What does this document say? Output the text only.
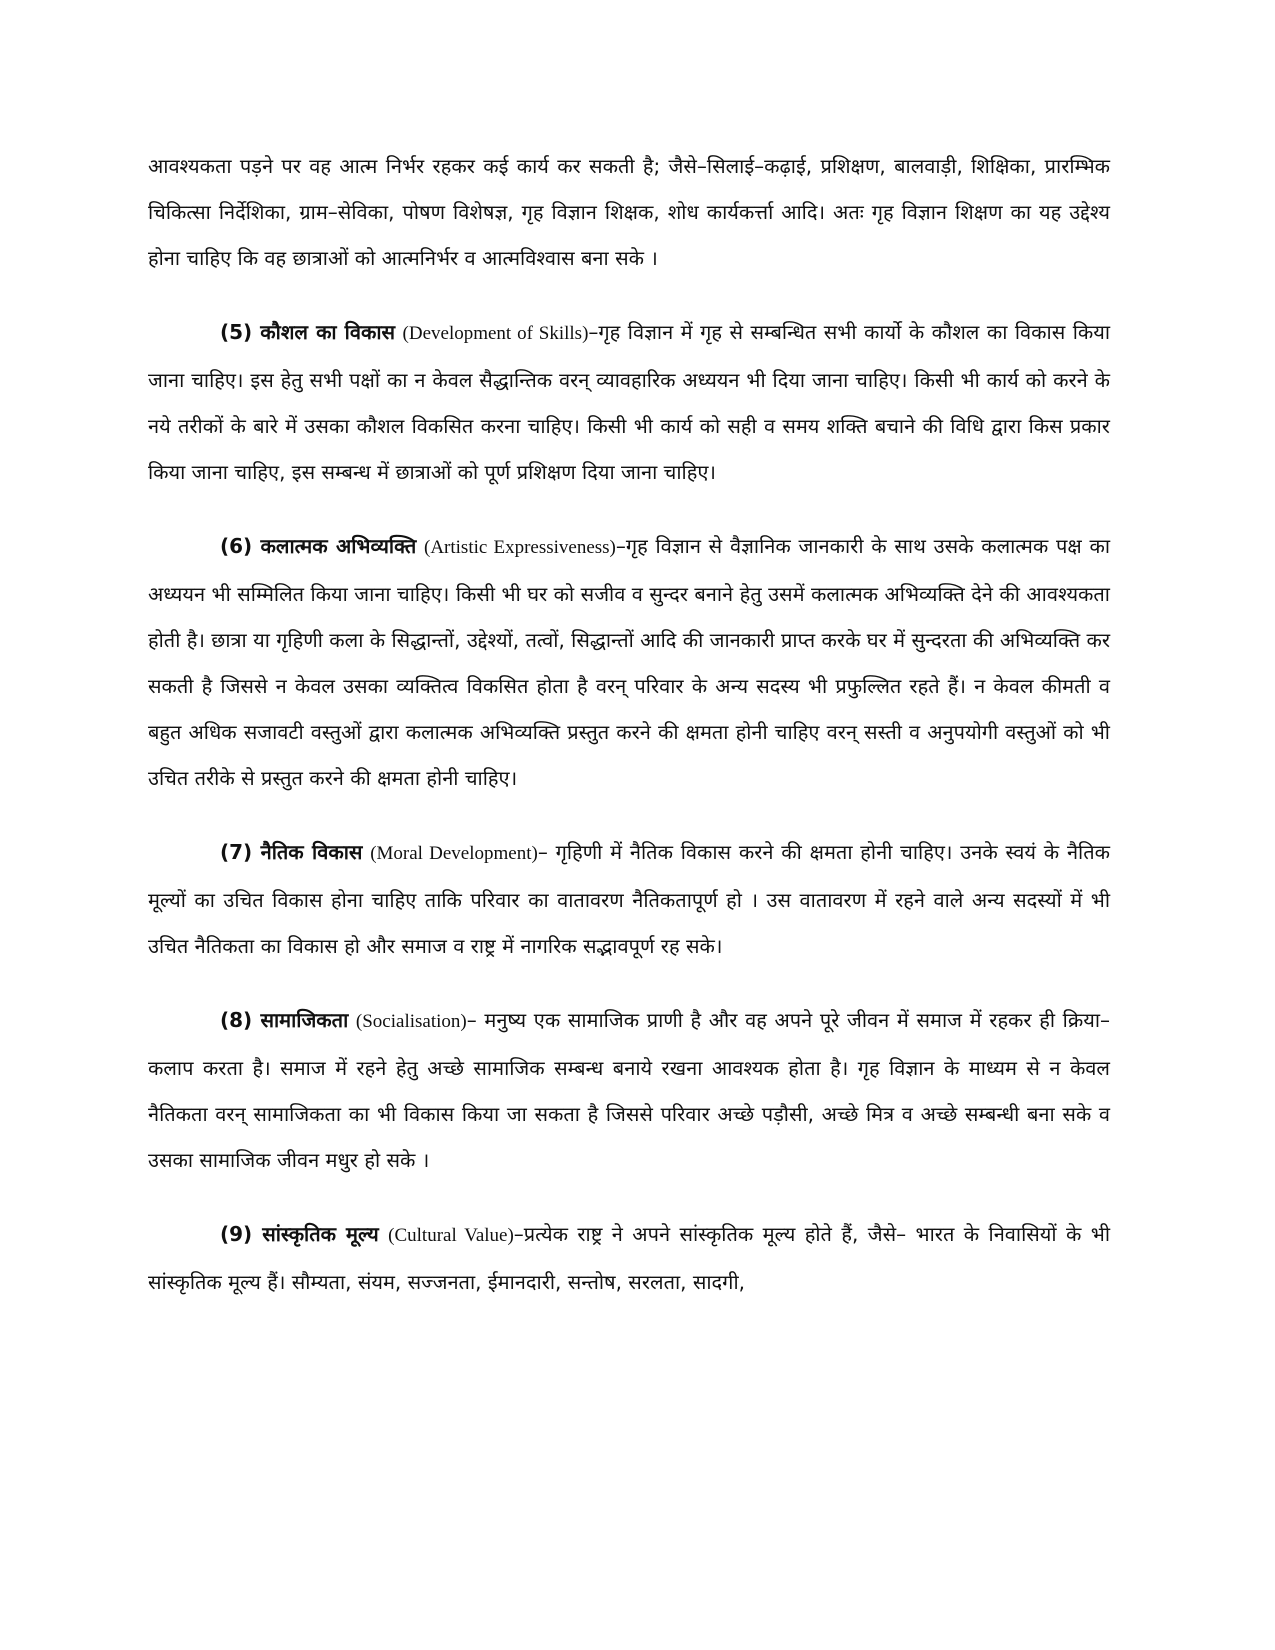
आवश्यकता पड़ने पर वह आत्म निर्भर रहकर कई कार्य कर सकती है; जैसे–सिलाई–कढ़ाई, प्रशिक्षण, बालवाड़ी, शिक्षिका, प्रारम्भिक चिकित्सा निर्देशिका, ग्राम–सेविका, पोषण विशेषज्ञ, गृह विज्ञान शिक्षक, शोध कार्यकर्त्ता आदि। अतः गृह विज्ञान शिक्षण का यह उद्देश्य होना चाहिए कि वह छात्राओं को आत्मनिर्भर व आत्मविश्वास बना सके ।

(5) कौशल का विकास (Development of Skills)–गृह विज्ञान में गृह से सम्बन्धित सभी कार्यो के कौशल का विकास किया जाना चाहिए। इस हेतु सभी पक्षों का न केवल सैद्धान्तिक वरन् व्यावहारिक अध्ययन भी दिया जाना चाहिए। किसी भी कार्य को करने के नये तरीकों के बारे में उसका कौशल विकसित करना चाहिए। किसी भी कार्य को सही व समय शक्ति बचाने की विधि द्वारा किस प्रकार किया जाना चाहिए, इस सम्बन्ध में छात्राओं को पूर्ण प्रशिक्षण दिया जाना चाहिए।

(6) कलात्मक अभिव्यक्ति (Artistic Expressiveness)–गृह विज्ञान से वैज्ञानिक जानकारी के साथ उसके कलात्मक पक्ष का अध्ययन भी सम्मिलित किया जाना चाहिए। किसी भी घर को सजीव व सुन्दर बनाने हेतु उसमें कलात्मक अभिव्यक्ति देने की आवश्यकता होती है। छात्रा या गृहिणी कला के सिद्धान्तों, उद्देश्यों, तत्वों, सिद्धान्तों आदि की जानकारी प्राप्त करके घर में सुन्दरता की अभिव्यक्ति कर सकती है जिससे न केवल उसका व्यक्तित्व विकसित होता है वरन् परिवार के अन्य सदस्य भी प्रफुल्लित रहते हैं। न केवल कीमती व बहुत अधिक सजावटी वस्तुओं द्वारा कलात्मक अभिव्यक्ति प्रस्तुत करने की क्षमता होनी चाहिए वरन् सस्ती व अनुपयोगी वस्तुओं को भी उचित तरीके से प्रस्तुत करने की क्षमता होनी चाहिए।

(7) नैतिक विकास (Moral Development)– गृहिणी में नैतिक विकास करने की क्षमता होनी चाहिए। उनके स्वयं के नैतिक मूल्यों का उचित विकास होना चाहिए ताकि परिवार का वातावरण नैतिकतापूर्ण हो । उस वातावरण में रहने वाले अन्य सदस्यों में भी उचित नैतिकता का विकास हो और समाज व राष्ट्र में नागरिक सद्भावपूर्ण रह सके।

(8) सामाजिकता (Socialisation)– मनुष्य एक सामाजिक प्राणी है और वह अपने पूरे जीवन में समाज में रहकर ही क्रिया–कलाप करता है। समाज में रहने हेतु अच्छे सामाजिक सम्बन्ध बनाये रखना आवश्यक होता है। गृह विज्ञान के माध्यम से न केवल नैतिकता वरन् सामाजिकता का भी विकास किया जा सकता है जिससे परिवार अच्छे पड़ौसी, अच्छे मित्र व अच्छे सम्बन्धी बना सके व उसका सामाजिक जीवन मधुर हो सके ।

(9) सांस्कृतिक मूल्य (Cultural Value)–प्रत्येक राष्ट्र ने अपने सांस्कृतिक मूल्य होते हैं, जैसे– भारत के निवासियों के भी सांस्कृतिक मूल्य हैं। सौम्यता, संयम, सज्जनता, ईमानदारी, सन्तोष, सरलता, सादगी,
